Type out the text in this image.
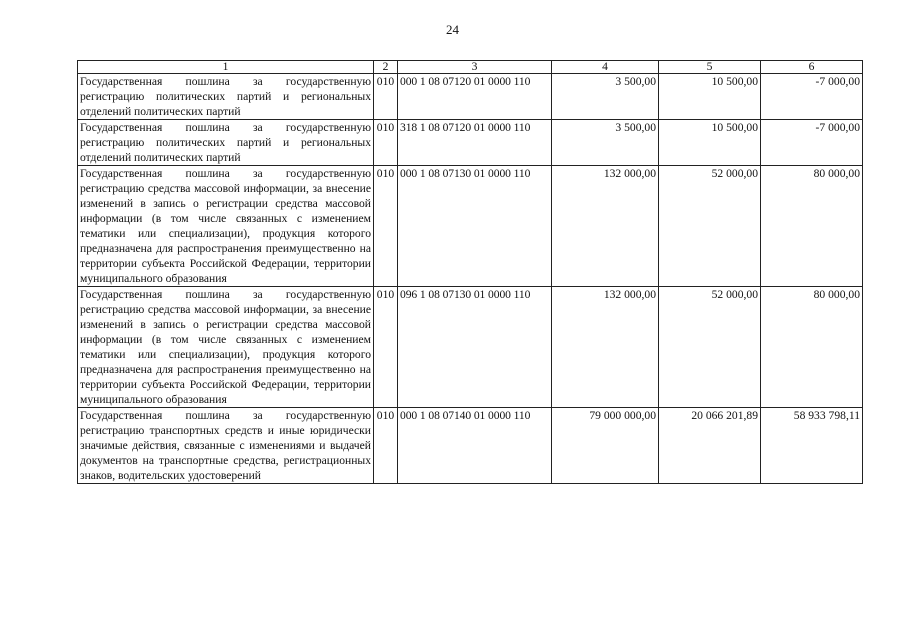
24
1	2	3	4	5	6
Государственная пошлина за государственную регистрацию политических партий и региональных отделений политических партий	010	000 1 08 07120 01 0000 110	3 500,00	10 500,00	-7 000,00
Государственная пошлина за государственную регистрацию политических партий и региональных отделений политических партий	010	318 1 08 07120 01 0000 110	3 500,00	10 500,00	-7 000,00
Государственная пошлина за государственную регистрацию средства массовой информации, за внесение изменений в запись о регистрации средства массовой информации (в том числе связанных с изменением тематики или специализации), продукция которого предназначена для распространения преимущественно на территории субъекта Российской Федерации, территории муниципального образования	010	000 1 08 07130 01 0000 110	132 000,00	52 000,00	80 000,00
Государственная пошлина за государственную регистрацию средства массовой информации, за внесение изменений в запись о регистрации средства массовой информации (в том числе связанных с изменением тематики или специализации), продукция которого предназначена для распространения преимущественно на территории субъекта Российской Федерации, территории муниципального образования	010	096 1 08 07130 01 0000 110	132 000,00	52 000,00	80 000,00
Государственная пошлина за государственную регистрацию транспортных средств и иные юридически значимые действия, связанные с изменениями и выдачей документов на транспортные средства, регистрационных знаков, водительских удостоверений	010	000 1 08 07140 01 0000 110	79 000 000,00	20 066 201,89	58 933 798,11
